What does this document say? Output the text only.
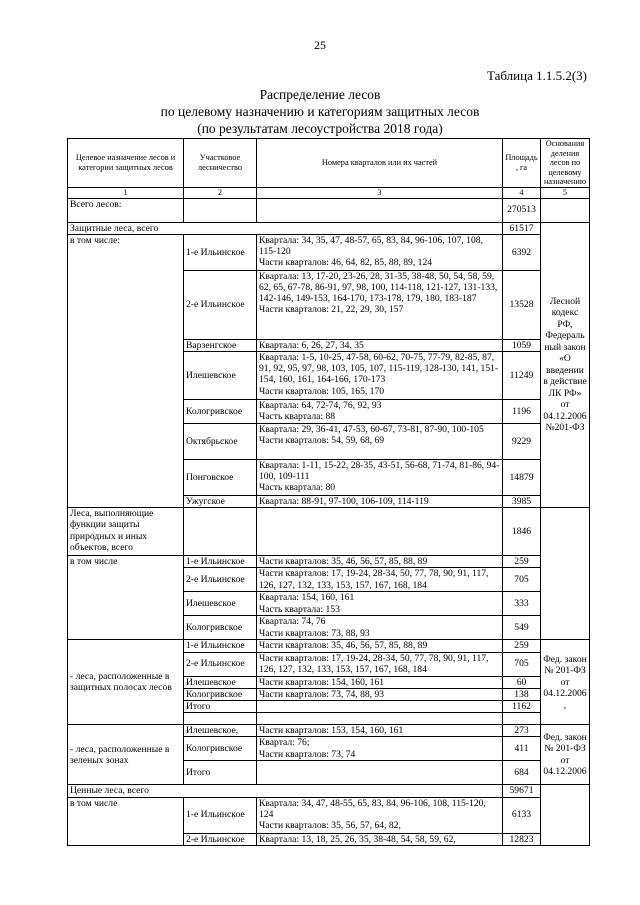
25
Таблица 1.1.5.2(3)
Распределение лесов
по целевому назначению и категориям защитных лесов
(по результатам лесоустройства 2018 года)
Целевое назначение лесов и категории защитных лесов	Участковое лесничество	Номера кварталов или их частей	Площадь, га	Основания деления лесов по целевому назначению
1	2	3	4	5
Всего лесов:			270513	
Защитные леса, всего			61517	Лесной кодекс РФ, Федеральный закон «О введении в действие ЛК РФ» от 04.12.2006 №201-ФЗ
в том числе:	1-е Ильинское	Квартала: 34, 35, 47, 48-57, 65, 83, 84, 96-106, 107, 108, 115-120
Части кварталов: 46, 64, 82, 85, 88, 89, 124	6392	
	2-е Ильинское	Квартала: 13, 17-20, 23-26, 28, 31-35, 38-48, 50, 54, 58, 59, 62, 65, 67-78, 86-91, 97, 98, 100, 114-118, 121-127, 131-133, 142-146, 149-153, 164-170, 173-178, 179, 180, 183-187
Части кварталов: 21, 22, 29, 30, 157	13528	
	Варзенгское	Квартала: 6, 26, 27, 34, 35	1059	
	Илешевское	Квартала: 1-5, 10-25, 47-58, 60-62, 70-75, 77-79, 82-85, 87, 91, 92, 95, 97, 98, 103, 105, 107, 115-119, 128-130, 141, 151-154, 160, 161, 164-166, 170-173
Части кварталов: 105, 165, 170	11249	
	Кологривское	Квартала: 64, 72-74, 76, 92, 93
Часть квартала: 88	1196	
	Октябрьское	Квартала: 29, 36-41, 47-53, 60-67, 73-81, 87-90, 100-105
Части кварталов: 54, 59, 68, 69	9229	
	Понговское	Квартала: 1-11, 15-22, 28-35, 43-51, 56-68, 71-74, 81-86, 94-100, 109-111
Часть квартала: 80	14879	
	Ужугское	Квартала: 88-91, 97-100, 106-109, 114-119	3985	
Леса, выполняющие функции защиты природных и иных объектов, всего			1846	
в том числе	1-е Ильинское	Части кварталов: 35, 46, 56, 57, 85, 88, 89	259	
	2-е Ильинское	Части кварталов: 17, 19-24, 28-34, 50, 77, 78, 90, 91, 117, 126, 127, 132, 133, 153, 157, 167, 168, 184	705	
	Илешевское	Квартала: 154, 160, 161
Часть квартала: 153	333	
	Кологривское	Квартала: 74, 76
Части кварталов: 73, 88, 93	549	
- леса, расположенные в защитных полосах лесов	1-е Ильинское	Части кварталов: 35, 46, 56, 57, 85, 88, 89	259	Фед. закон № 201-ФЗ от 04.12.2006,
	2-е Ильинское	Части кварталов: 17, 19-24, 28-34, 50, 77, 78, 90, 91, 117, 126, 127, 132, 133, 153, 157, 167, 168, 184	705	
	Илешевское	Части кварталов: 154, 160, 161	60	
	Кологривское	Части кварталов: 73, 74, 88, 93	138	
	Итого		1162	

- леса, расположенные в зеленых зонах	Илешевское,	Части кварталов: 153, 154, 160, 161	273	Фед. закон № 201-ФЗ от 04.12.2006
	Кологривское	Квартал: 76;
Части кварталов: 73, 74	411	
	Итого		684	
Ценные леса, всего			59671	
в том числе	1-е Ильинское	Квартала: 34, 47, 48-55, 65, 83, 84, 96-106, 108, 115-120, 124
Части кварталов: 35, 56, 57, 64, 82,	6133	
	2-е Ильинское	Квартала: 13, 18, 25, 26, 35, 38-48, 54, 58, 59, 62,	12823	
